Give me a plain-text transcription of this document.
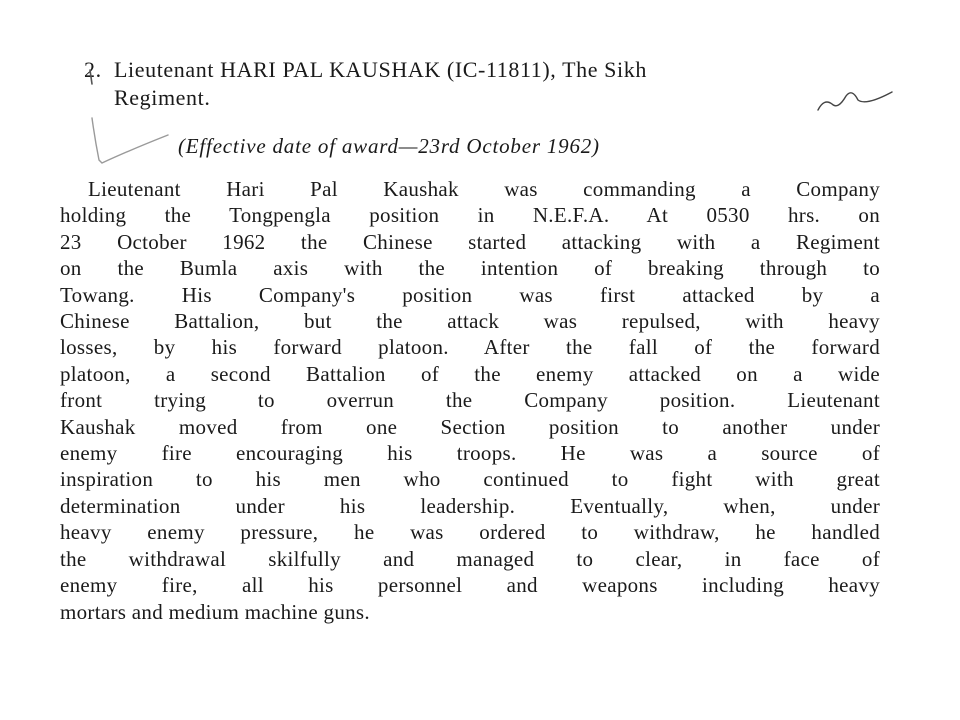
2. Lieutenant HARI PAL KAUSHAK (IC-11811), The Sikh
Regiment.
(Effective date of award—23rd October 1962)
Lieutenant Hari Pal Kaushak was commanding a Company
holding the Tongpengla position in N.E.F.A. At 0530 hrs. on
23 October 1962 the Chinese started attacking with a Regiment
on the Bumla axis with the intention of breaking through to
Towang. His Company's position was first attacked by a
Chinese Battalion, but the attack was repulsed, with heavy
losses, by his forward platoon. After the fall of the forward
platoon, a second Battalion of the enemy attacked on a wide
front trying to overrun the Company position. Lieutenant
Kaushak moved from one Section position to another under
enemy fire encouraging his troops. He was a source of
inspiration to his men who continued to fight with great
determination under his leadership. Eventually, when, under
heavy enemy pressure, he was ordered to withdraw, he handled
the withdrawal skilfully and managed to clear, in face of
enemy fire, all his personnel and weapons including heavy
mortars and medium machine guns.
